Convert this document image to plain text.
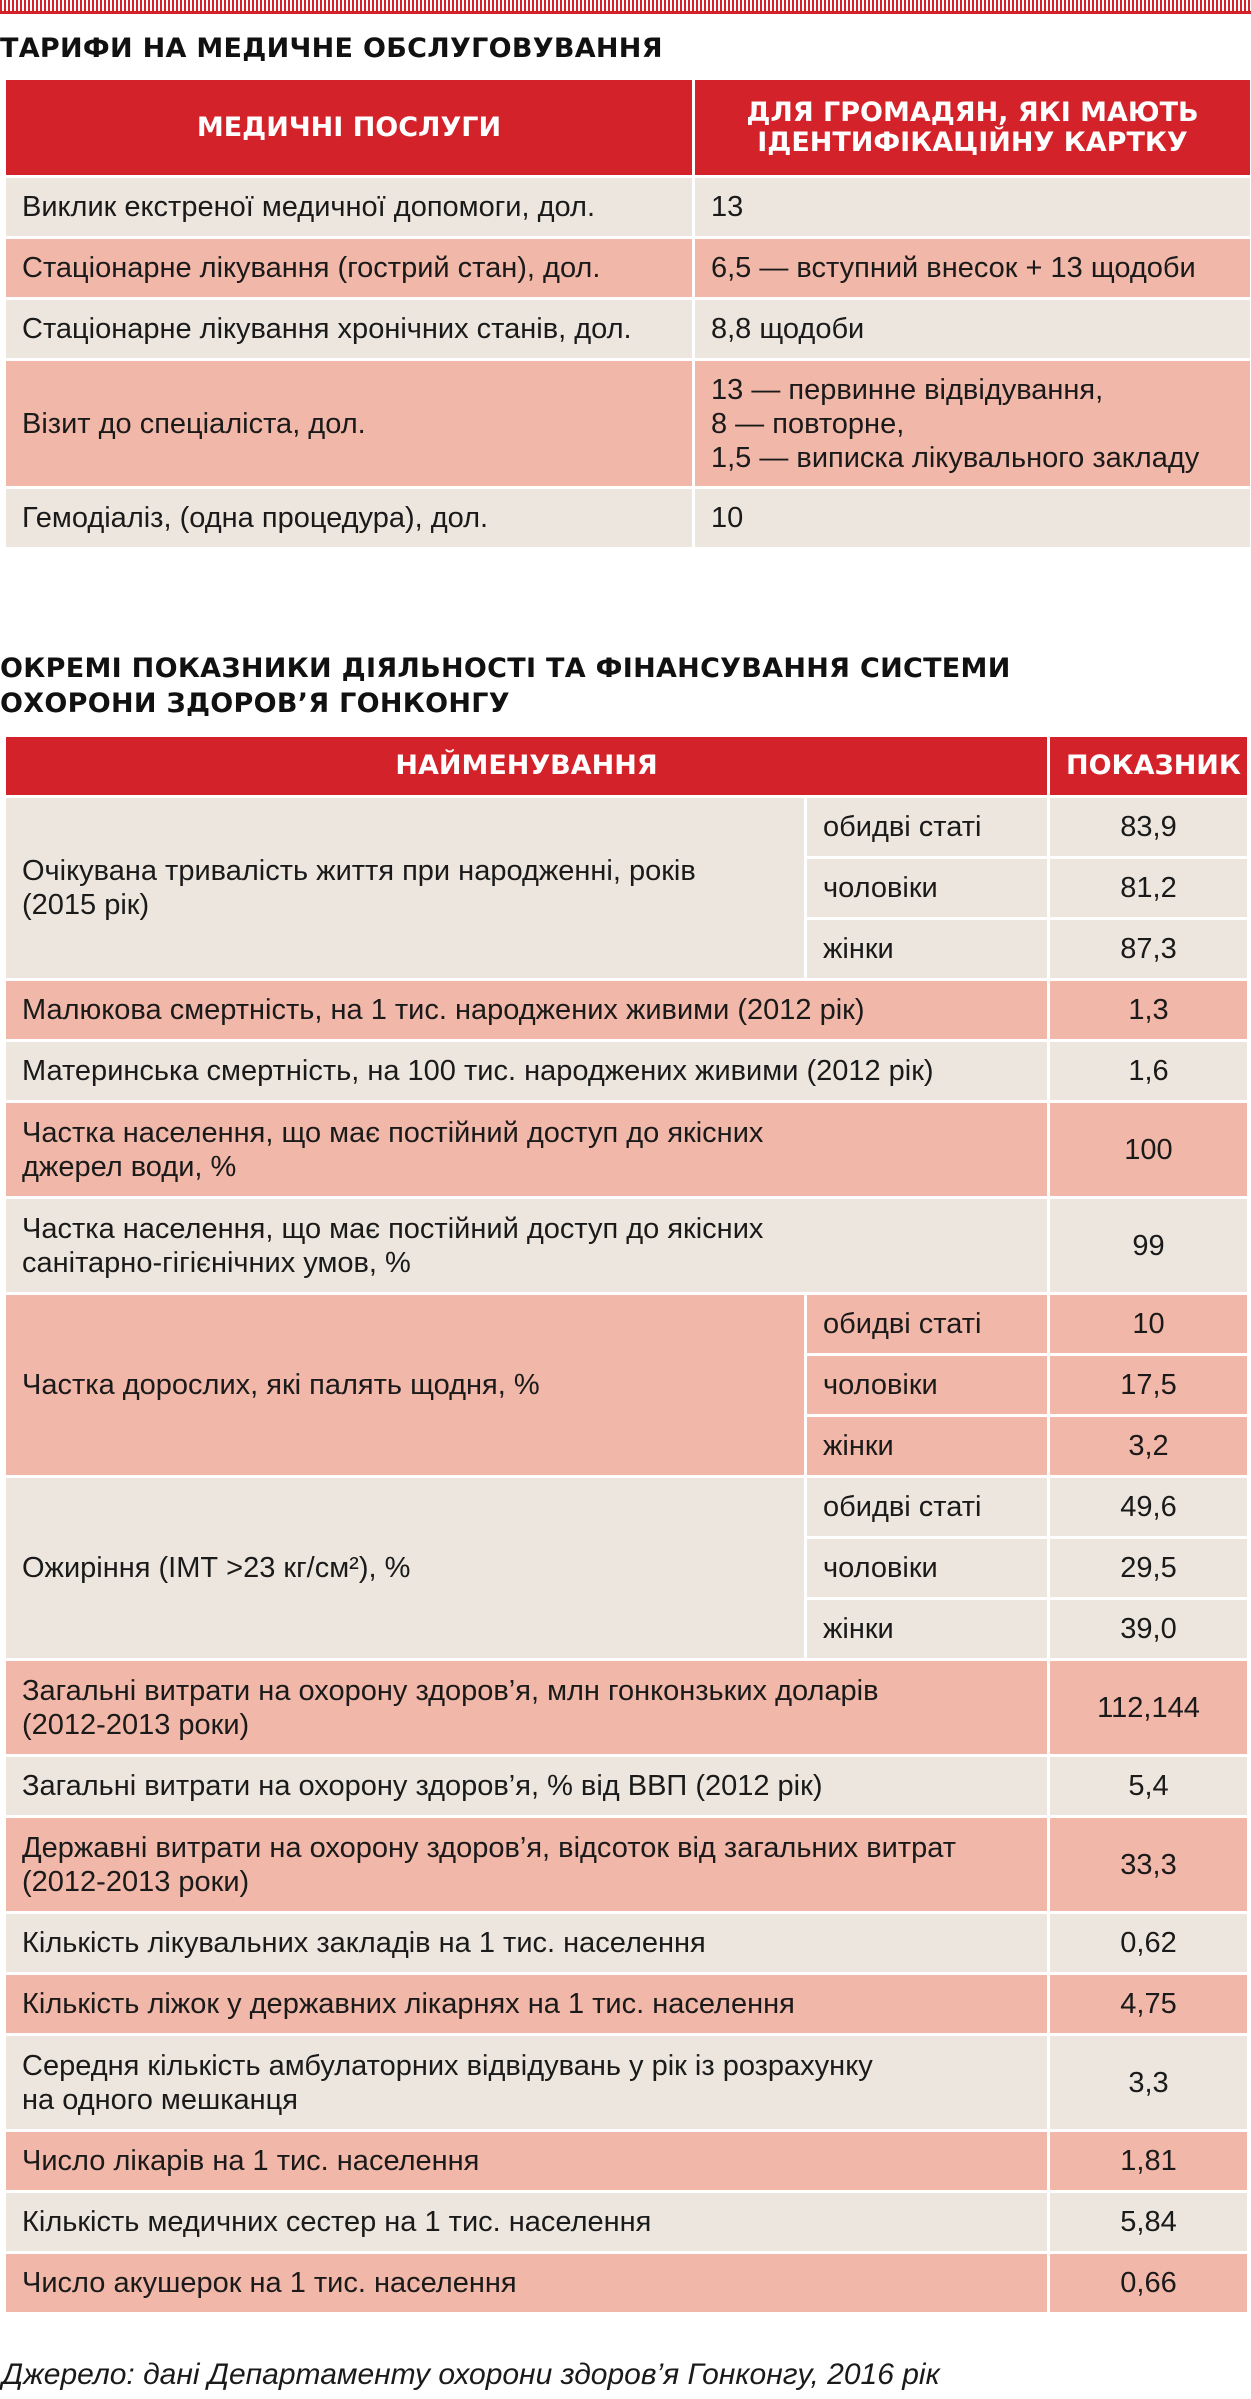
ТАРИФИ НА МЕДИЧНЕ ОБСЛУГОВУВАННЯ
МЕДИЧНІ ПОСЛУГИ	ДЛЯ ГРОМАДЯН, ЯКІ МАЮТЬ ІДЕНТИФІКАЦІЙНУ КАРТКУ
Виклик екстреної медичної допомоги, дол.	13
Стаціонарне лікування (гострий стан), дол.	6,5 — вступний внесок + 13 щодоби
Стаціонарне лікування хронічних станів, дол.	8,8 щодоби
Візит до спеціаліста, дол.	13 — первинне відвідування,
8 — повторне,
1,5 — виписка лікувального закладу
Гемодіаліз, (одна процедура), дол.	10
ОКРЕМІ ПОКАЗНИКИ ДІЯЛЬНОСТІ ТА ФІНАНСУВАННЯ СИСТЕМИ
ОХОРОНИ ЗДОРОВ’Я ГОНКОНГУ
НАЙМЕНУВАННЯ		ПОКАЗНИК
Очікувана тривалість життя при народженні, років
(2015 рік)	обидві статі	83,9
	чоловіки	81,2
	жінки	87,3
Малюкова смертність, на 1 тис. народжених живими (2012 рік)		1,3
Материнська смертність, на 100 тис. народжених живими (2012 рік)		1,6
Частка населення, що має постійний доступ до якісних
джерел води, %		100
Частка населення, що має постійний доступ до якісних
санітарно-гігієнічних умов, %		99
Частка дорослих, які палять щодня, %	обидві статі	10
	чоловіки	17,5
	жінки	3,2
Ожиріння (ІМТ >23 кг/см²), %	обидві статі	49,6
	чоловіки	29,5
	жінки	39,0
Загальні витрати на охорону здоров’я, млн гонконзьких доларів
(2012-2013 роки)		112,144
Загальні витрати на охорону здоров’я, % від ВВП (2012 рік)		5,4
Державні витрати на охорону здоров’я, відсоток від загальних витрат
(2012-2013 роки)		33,3
Кількість лікувальних закладів на 1 тис. населення		0,62
Кількість ліжок у державних лікарнях на 1 тис. населення		4,75
Середня кількість амбулаторних відвідувань у рік із розрахунку
на одного мешканця		3,3
Число лікарів на 1 тис. населення		1,81
Кількість медичних сестер на 1 тис. населення		5,84
Число акушерок на 1 тис. населення		0,66
Джерело: дані Департаменту охорони здоров’я Гонконгу, 2016 рік
